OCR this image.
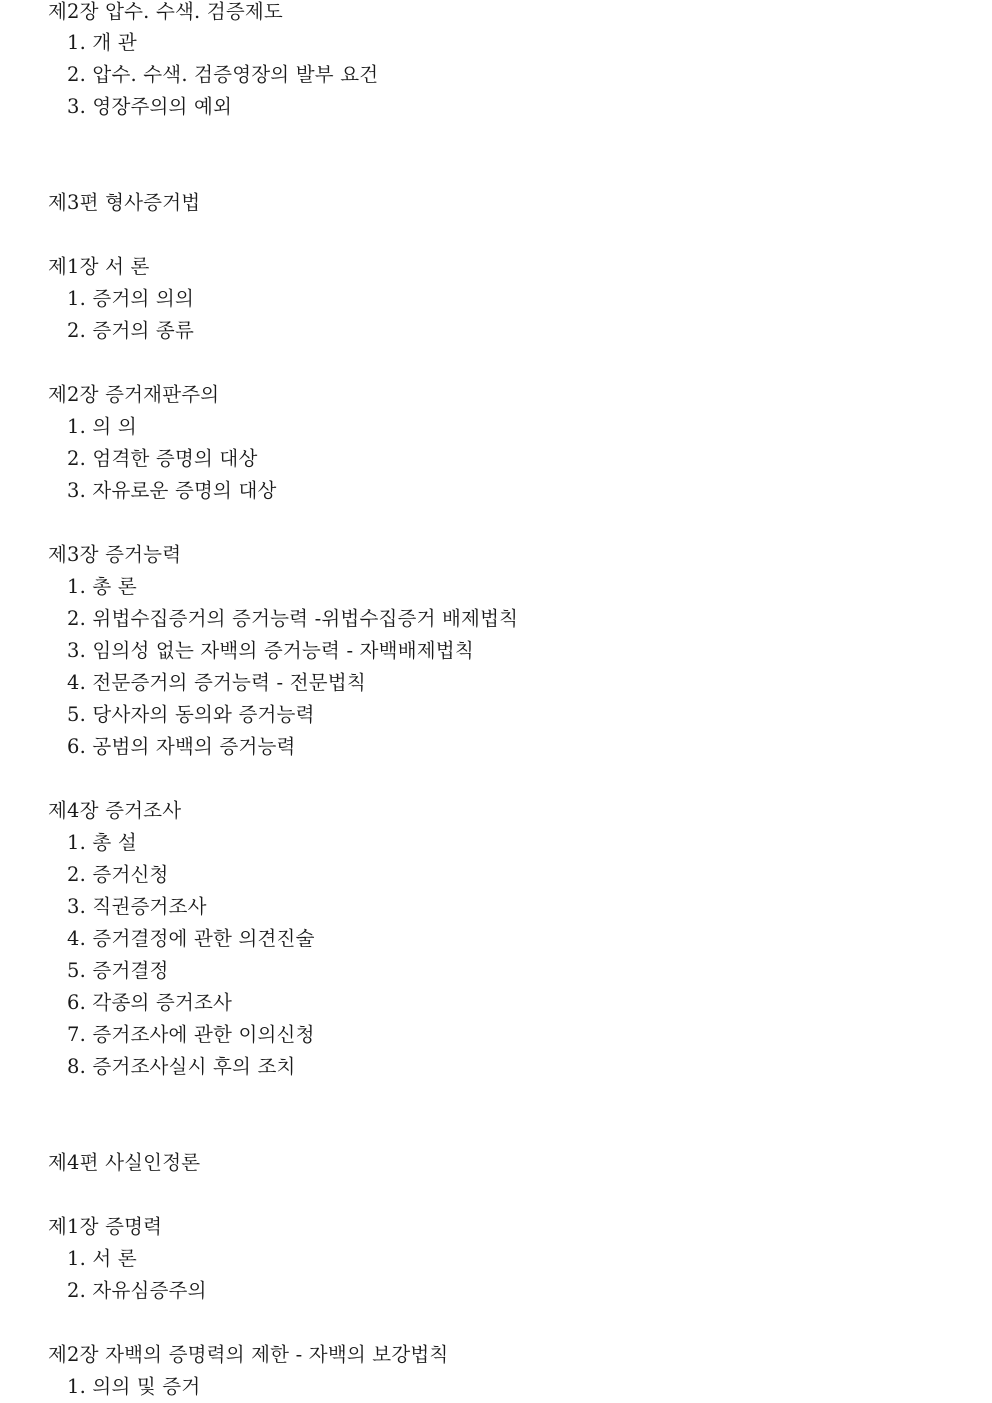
제2장 압수. 수색. 검증제도
1. 개 관
2. 압수. 수색. 검증영장의 발부 요건
3. 영장주의의 예외
제3편 형사증거법
제1장 서 론
1. 증거의 의의
2. 증거의 종류
제2장 증거재판주의
1. 의 의
2. 엄격한 증명의 대상
3. 자유로운 증명의 대상
제3장 증거능력
1. 총 론
2. 위법수집증거의 증거능력 -위법수집증거 배제법칙
3. 임의성 없는 자백의 증거능력 - 자백배제법칙
4. 전문증거의 증거능력 - 전문법칙
5. 당사자의 동의와 증거능력
6. 공범의 자백의 증거능력
제4장 증거조사
1. 총 설
2. 증거신청
3. 직권증거조사
4. 증거결정에 관한 의견진술
5. 증거결정
6. 각종의 증거조사
7. 증거조사에 관한 이의신청
8. 증거조사실시 후의 조치
제4편 사실인정론
제1장 증명력
1. 서 론
2. 자유심증주의
제2장 자백의 증명력의 제한 - 자백의 보강법칙
1. 의의 및 증거
